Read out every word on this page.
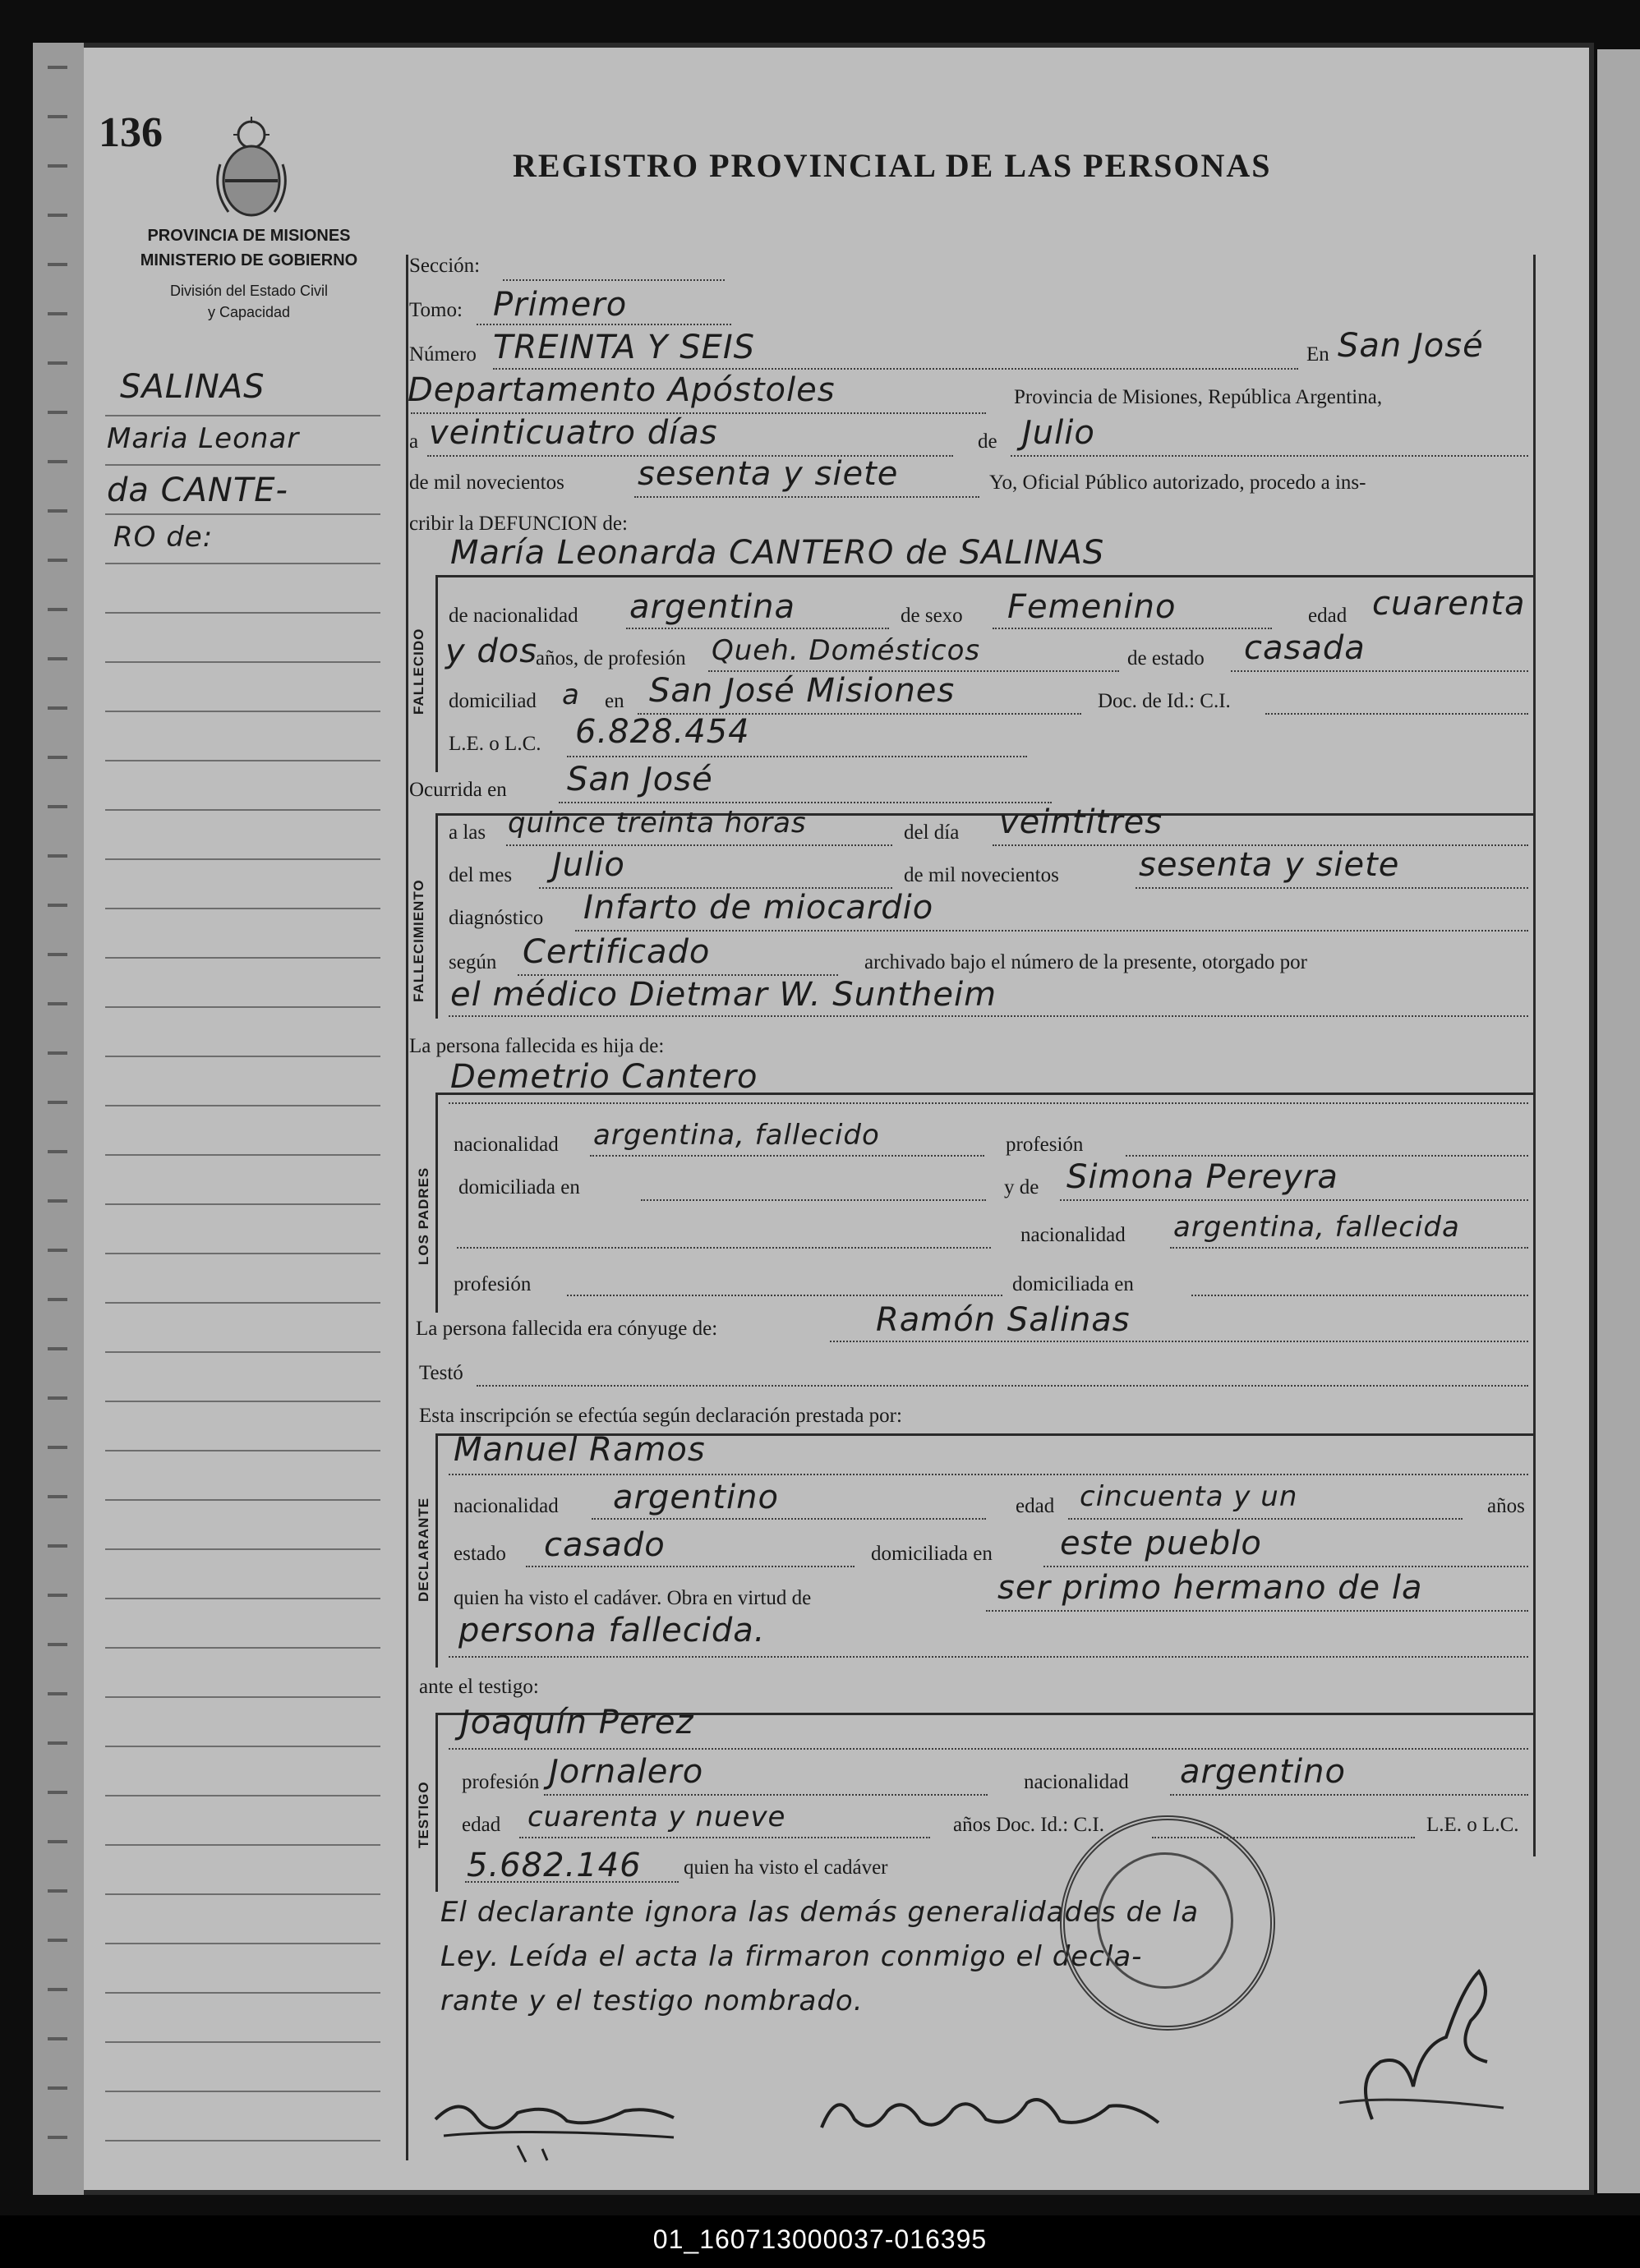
136
PROVINCIA DE MISIONES
MINISTERIO DE GOBIERNO
División del Estado Civil
y Capacidad
REGISTRO PROVINCIAL DE LAS PERSONAS
SALINAS
Maria Leonar
da CANTE-
RO de:
FALLECIDO
FALLECIMIENTO
LOS PADRES
DECLARANTE
TESTIGO
Sección:
Tomo: Primero
Número TREINTA Y SEIS	En San José
Departamento Apóstoles	Provincia de Misiones, República Argentina,
a veinticuatro días	de Julio
de mil novecientos sesenta y siete	Yo, Oficial Público autorizado, procedo a ins-
cribir la DEFUNCION de:
María Leonarda CANTERO de SALINAS
de nacionalidad argentina	de sexo Femenino	edad cuarenta
y dos
años, de profesión Queh. Domésticos	de estado casada
domiciliad a en San José Misiones	Doc. de Id.: C.I.
L.E. o L.C. 6.828.454
Ocurrida en San José
a las quince treinta horas	del día veintitres
del mes Julio	de mil novecientos sesenta y siete
diagnóstico Infarto de miocardio
según Certificado	archivado bajo el número de la presente, otorgado por
el médico Dietmar W. Suntheim
La persona fallecida es hija de:
Demetrio Cantero
nacionalidad argentina, fallecido	profesión
domiciliada en	y de Simona Pereyra
nacionalidad argentina, fallecida
profesión	domiciliada en
La persona fallecida era cónyuge de:	Ramón Salinas
Testó
Esta inscripción se efectúa según declaración prestada por:
Manuel Ramos
nacionalidad argentino	edad cincuenta y un	años
estado casado	domiciliada en este pueblo
quien ha visto el cadáver. Obra en virtud de	ser primo hermano de la
persona fallecida.
ante el testigo:
Joaquín Perez
profesión Jornalero	nacionalidad argentino
edad cuarenta y nueve	años Doc. Id.: C.I.	L.E. o L.C.
5.682.146 quien ha visto el cadáver
El declarante ignora las demás generalidades de la
Ley. Leída el acta la firmaron conmigo el decla-
rante y el testigo nombrado.
01_160713000037-016395
